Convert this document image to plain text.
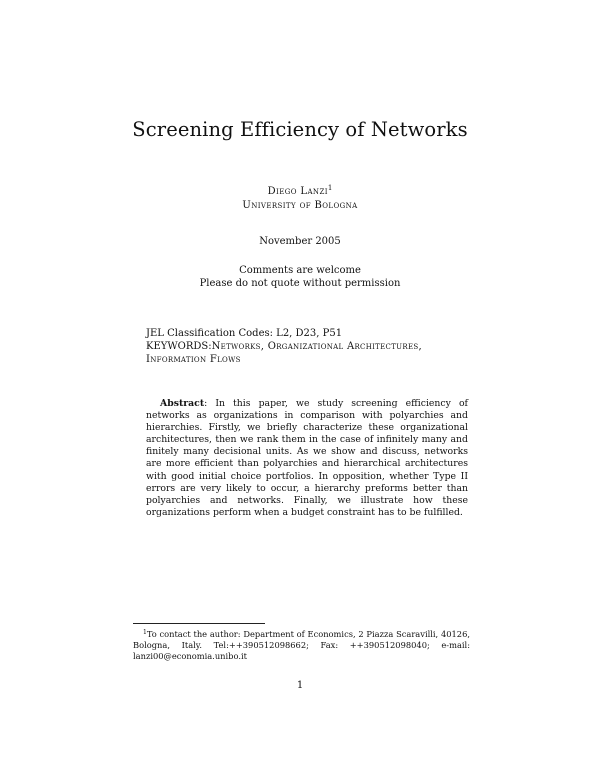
Screening Efficiency of Networks
Diego Lanzi$^1$
University of Bologna
November 2005
Comments are welcome
Please do not quote without permission
JEL Classification Codes: L2, D23, P51
KEYWORDS:Networks, Organizational Architectures, Information Flows
Abstract: In this paper, we study screening efficiency of networks as organizations in comparison with polyarchies and hierarchies. Firstly, we briefly characterize these organizational architectures, then we rank them in the case of infinitely many and finitely many decisional units. As we show and discuss, networks are more efficient than polyarchies and hierarchical architectures with good initial choice portfolios. In opposition, whether Type II errors are very likely to occur, a hierarchy preforms better than polyarchies and networks. Finally, we illustrate how these organizations perform when a budget constraint has to be fulfilled.
$^1$To contact the author: Department of Economics, 2 Piazza Scaravilli, 40126, Bologna, Italy. Tel:++390512098662; Fax: ++390512098040; e-mail: lanzi00@economia.unibo.it
1
